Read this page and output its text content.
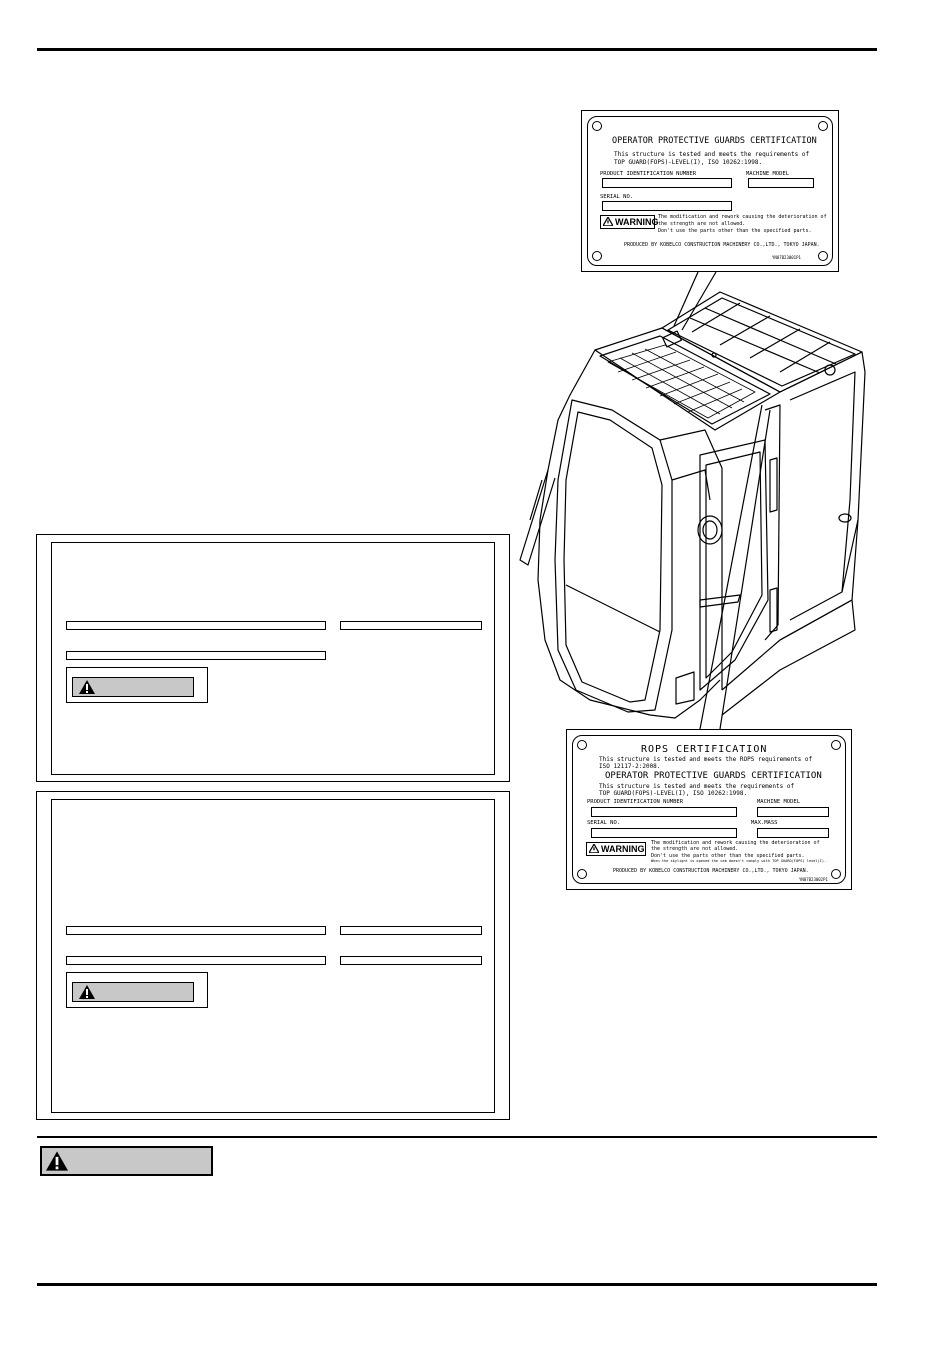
OPERATOR PROTECTIVE GUARDS CERTIFICATION
This structure is tested and meets the requirements of
TOP GUARD(FOPS)-LEVEL(I), ISO 10262:1998.
PRODUCT IDENTIFICATION NUMBER	MACHINE MODEL
SERIAL NO.
WARNING The modification and rework causing the deterioration of
the strength are not allowed.
Don't use the parts other than the specified parts.
PRODUCED BY KOBELCO CONSTRUCTION MACHINERY CO.,LTD., TOKYO JAPAN.
YN07B23001P1
ROPS CERTIFICATION
This structure is tested and meets the ROPS requirements of
ISO 12117-2:2008.
OPERATOR PROTECTIVE GUARDS CERTIFICATION
This structure is tested and meets the requirements of
TOP GUARD(FOPS)-LEVEL(I), ISO 10262:1998.
PRODUCT IDENTIFICATION NUMBER	MACHINE MODEL
SERIAL NO.	MAX.MASS
WARNING
The modification and rework causing the deterioration of
the strength are not allowed.
Don't use the parts other than the specified parts.
When the skylight is opened the cab doesn't comply with TOP GUARD(FOPS) level(I).
PRODUCED BY KOBELCO CONSTRUCTION MACHINERY CO.,LTD., TOKYO JAPAN.
YN07B23002P1
